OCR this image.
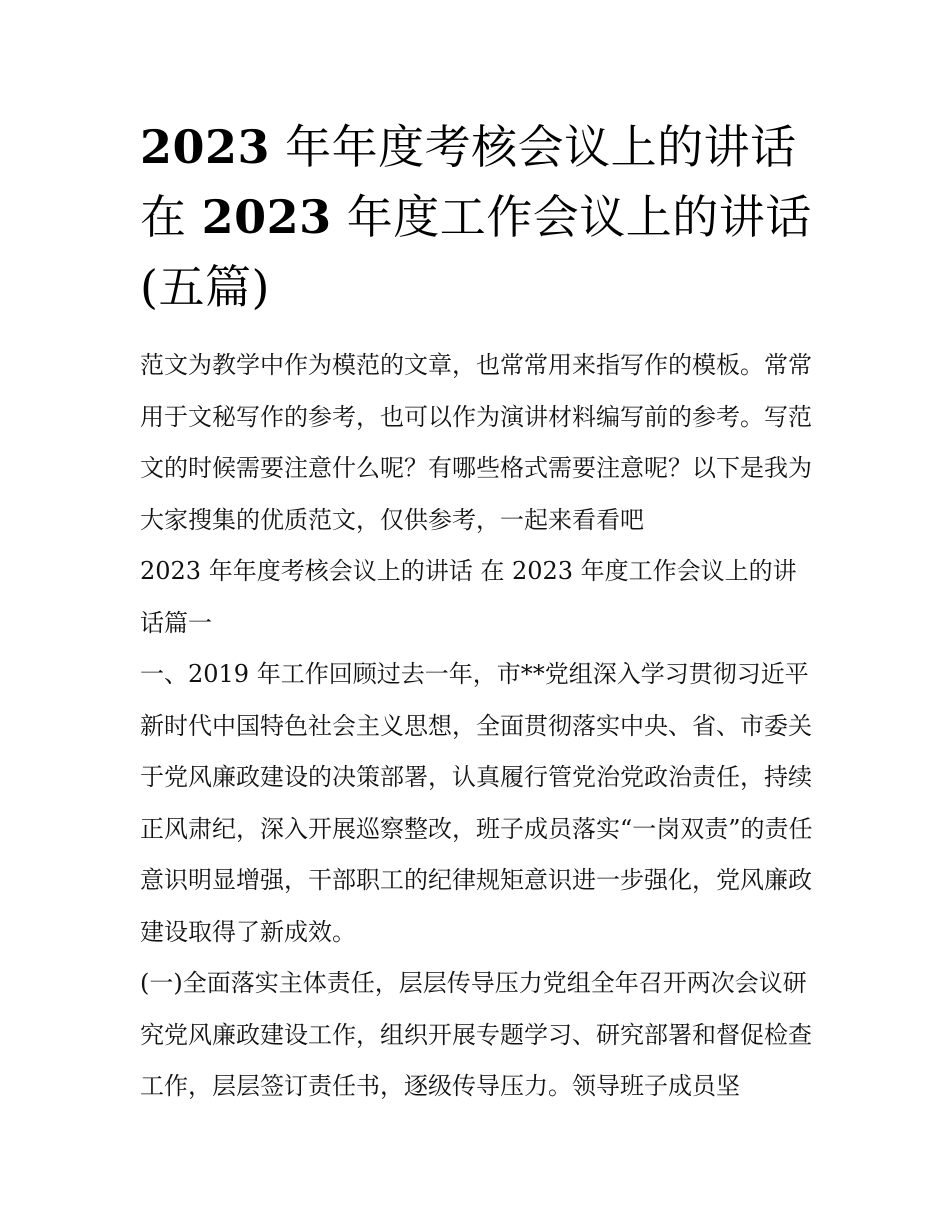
2023 年年度考核会议上的讲话
在 2023 年度工作会议上的讲话
(五篇)

范文为教学中作为模范的文章，也常常用来指写作的模板。常常用于文秘写作的参考，也可以作为演讲材料编写前的参考。写范文的时候需要注意什么呢？有哪些格式需要注意呢？以下是我为大家搜集的优质范文，仅供参考，一起来看看吧

2023 年年度考核会议上的讲话 在 2023 年度工作会议上的讲话篇一

一、2019 年工作回顾过去一年，市**党组深入学习贯彻习近平新时代中国特色社会主义思想，全面贯彻落实中央、省、市委关于党风廉政建设的决策部署，认真履行管党治党政治责任，持续正风肃纪，深入开展巡察整改，班子成员落实“一岗双责”的责任意识明显增强，干部职工的纪律规矩意识进一步强化，党风廉政建设取得了新成效。

(一)全面落实主体责任，层层传导压力党组全年召开两次会议研究党风廉政建设工作，组织开展专题学习、研究部署和督促检查工作，层层签订责任书，逐级传导压力。领导班子成员坚
